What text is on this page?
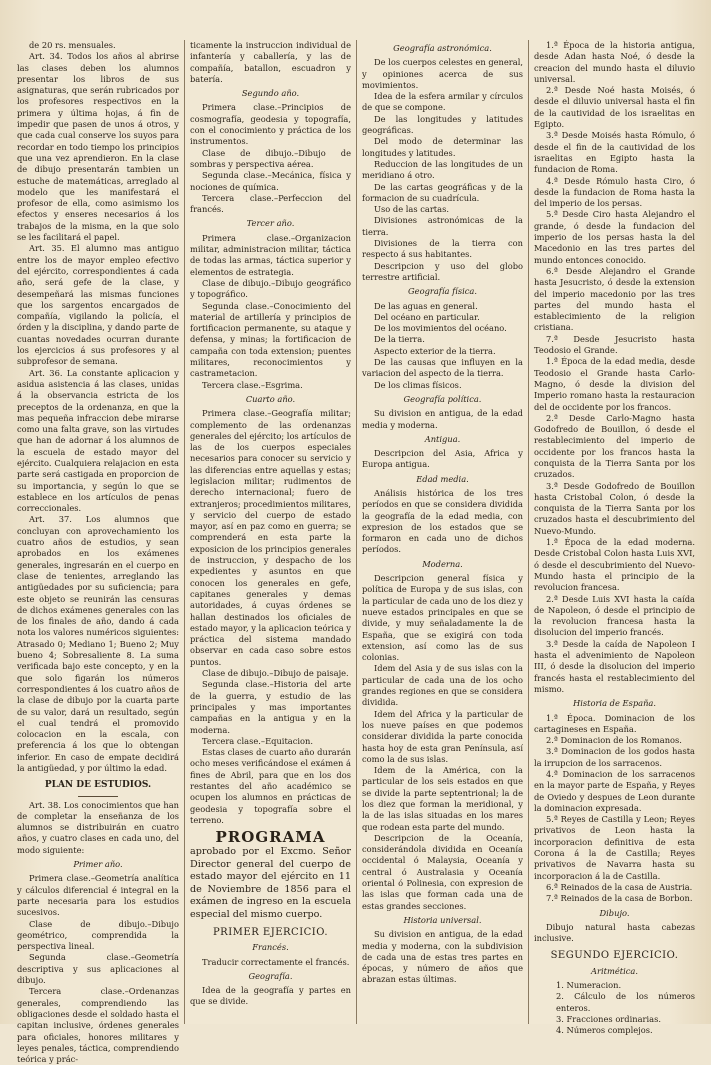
de 20 rs. mensuales.

Art. 34. Todos los años al abrirse las clases deben los alumnos presentar los libros de sus asignaturas, que serán rubricados por los profesores respectivos en la primera y última hojas, á fin de impedir que pasen de unos á otros, y que cada cual conserve los suyos para recordar en todo tiempo los principios que una vez aprendieron. En la clase de dibujo presentarán tambien un estuche de matemáticas, arreglado al modelo que les manifestará el profesor de ella, como asimismo los efectos y enseres necesarios á los trabajos de la misma, en la que solo se les facilitará el papel.

Art. 35. El alumno mas antiguo entre los de mayor empleo efectivo del ejército, correspondientes á cada año, será gefe de la clase, y desempeñará las mismas funciones que los sargentos encargados de compañía, vigilando la policía, el órden y la disciplina, y dando parte de cuantas novedades ocurran durante los ejercicios á sus profesores y al subprofesor de semana.

Art. 36. La constante aplicacion y asidua asistencia á las clases, unidas á la observancia estricta de los preceptos de la ordenanza, en que la mas pequeña infraccion debe mirarse como una falta grave, son las virtudes que han de adornar á los alumnos de la escuela de estado mayor del ejército. Cualquiera relajacion en esta parte será castigada en proporcion de su importancia, y según lo que se establece en los artículos de penas correccionales.

Art. 37. Los alumnos que concluyan con aprovechamiento los cuatro años de estudios, y sean aprobados en los exámenes generales, ingresarán en el cuerpo en clase de tenientes, arreglando las antigüedades por su suficiencia; para este objeto se reunirán las censuras de dichos exámenes generales con las de los finales de año, dando á cada nota los valores numéricos siguientes: Atrasado 0; Mediano 1; Bueno 2; Muy bueno 4; Sobresaliente 8. La suma verificada bajo este concepto, y en la que solo figarán los números correspondientes á los cuatro años de la clase de dibujo por la cuarta parte de su valor, dará un resultado, según el cual tendrá el promovido colocacion en la escala, con preferencia á los que lo obtengan inferior. En caso de empate decidirá la antigüedad, y por último la edad.

PLAN DE ESTUDIOS.

Art. 38. Los conocimientos que han de completar la enseñanza de los alumnos se distribuirán en cuatro años, y cuatro clases en cada uno, del modo siguiente:

Primer año.

Primera clase.–Geometría analítica y cálculos diferencial é integral en la parte necesaria para los estudios sucesivos.

Clase de dibujo.–Dibujo geométrico, comprendida la perspectiva lineal.

Segunda clase.–Geometría descriptiva y sus aplicaciones al dibujo.

Tercera clase.–Ordenanzas generales, comprendiendo las obligaciones desde el soldado hasta el capitan inclusive, órdenes generales para oficiales, honores militares y leyes penales, táctica, comprendiendo teórica y prác-

ticamente la instruccion individual de infantería y caballería, y las de compañía, batallon, escuadron y batería.

Segundo año.

Primera clase.–Principios de cosmografía, geodesia y topografía, con el conocimiento y práctica de los instrumentos.

Clase de dibujo.–Dibujo de sombras y perspectiva aérea.

Segunda clase.–Mecánica, física y nociones de química.

Tercera clase.–Perfeccion del francés.

Tercer año.

Primera clase.–Organizacion militar, administracion militar, táctica de todas las armas, táctica superior y elementos de estrategia.

Clase de dibujo.–Dibujo geográfico y topográfico.

Segunda clase.–Conocimiento del material de artillería y principios de fortificacion permanente, su ataque y defensa, y minas; la fortificacion de campaña con toda extension; puentes militares, reconocimientos y castrametacion.

Tercera clase.–Esgrima.

Cuarto año.

Primera clase.–Geografía militar; complemento de las ordenanzas generales del ejército; los artículos de las de los cuerpos especiales necesarios para conocer su servicio y las diferencias entre aquellas y estas; legislacion militar; rudimentos de derecho internacional; fuero de extranjeros; procedimientos militares, y servicio del cuerpo de estado mayor, así en paz como en guerra; se comprenderá en esta parte la exposicion de los principios generales de instruccion, y despacho de los expedientes y asuntos en que conocen los generales en gefe, capitanes generales y demas autoridades, á cuyas órdenes se hallan destinados los oficiales de estado mayor, y la aplicacion teórica y práctica del sistema mandado observar en cada caso sobre estos puntos.

Clase de dibujo.–Dibujo de paisaje.

Segunda clase.–Historia del arte de la guerra, y estudio de las principales y mas importantes campañas en la antigua y en la moderna.

Tercera clase.–Equitacion.

Estas clases de cuarto año durarán ocho meses verificándose el exámen á fines de Abril, para que en los dos restantes del año académico se ocupen los alumnos en prácticas de geodesia y topografía sobre el terreno.

PROGRAMA

aprobado por el Excmo. Señor Director general del cuerpo de estado mayor del ejército en 11 de Noviembre de 1856 para el exámen de ingreso en la escuela especial del mismo cuerpo.

PRIMER EJERCICIO.

Francés.

Traducir correctamente el francés.

Geografía.

Idea de la geografía y partes en que se divide.

Geografía astronómica.

De los cuerpos celestes en general, y opiniones acerca de sus movimientos.

Idea de la esfera armilar y círculos de que se compone.

De las longitudes y latitudes geográficas.

Del modo de determinar las longitudes y latitudes.

Reduccion de las longitudes de un meridiano á otro.

De las cartas geográficas y de la formacion de su cuadrícula.

Uso de las cartas.

Divisiones astronómicas de la tierra.

Divisiones de la tierra con respecto á sus habitantes.

Descripcion y uso del globo terrestre artificial.

Geografía física.

De las aguas en general.

Del océano en particular.

De los movimientos del océano.

De la tierra.

Aspecto exterior de la tierra.

De las causas que influyen en la variacion del aspecto de la tierra.

De los climas físicos.

Geografía política.

Su division en antigua, de la edad media y moderna.

Antigua.

Descripcion del Asia, Africa y Europa antigua.

Edad media.

Análisis histórica de los tres períodos en que se considera dividida la geografía de la edad media, con expresion de los estados que se formaron en cada uno de dichos períodos.

Moderna.

Descripcion general física y política de Europa y de sus islas, con la particular de cada uno de los diez y nueve estados principales en que se divide, y muy señaladamente la de España, que se exigirá con toda extension, así como las de sus colonias.

Idem del Asia y de sus islas con la particular de cada una de los ocho grandes regiones en que se considera dividida.

Idem del Africa y la particular de los nueve países en que podemos considerar dividida la parte conocida hasta hoy de esta gran Península, así como la de sus islas.

Idem de la América, con la particular de los seis estados en que se divide la parte septentrional; la de los diez que forman la meridional, y la de las islas situadas en los mares que rodean esta parte del mundo.

Descripcion de la Oceanía, considerándola dividida en Oceanía occidental ó Malaysia, Oceanía y central ó Australasia y Oceanía oriental ó Polinesia, con expresion de las islas que forman cada una de estas grandes secciones.

Historia universal.

Su division en antigua, de la edad media y moderna, con la subdivision de cada una de estas tres partes en épocas, y número de años que abrazan estas últimas.

1.ª Época de la historia antigua, desde Adan hasta Noé, ó desde la creacion del mundo hasta el diluvio universal.

2.ª Desde Noé hasta Moisés, ó desde el diluvio universal hasta el fin de la cautividad de los israelitas en Egipto.

3.ª Desde Moisés hasta Rómulo, ó desde el fin de la cautividad de los israelitas en Egipto hasta la fundacion de Roma.

4.ª Desde Rómulo hasta Ciro, ó desde la fundacion de Roma hasta la del imperio de los persas.

5.ª Desde Ciro hasta Alejandro el grande, ó desde la fundacion del imperio de los persas hasta la del Macedonio en las tres partes del mundo entonces conocido.

6.ª Desde Alejandro el Grande hasta Jesucristo, ó desde la extension del imperio macedonio por las tres partes del mundo hasta el establecimiento de la religion cristiana.

7.ª Desde Jesucristo hasta Teodosio el Grande.

1.ª Época de la edad media, desde Teodosio el Grande hasta Carlo-Magno, ó desde la division del Imperio romano hasta la restauracion del de occidente por los francos.

2.ª Desde Carlo-Magno hasta Godofredo de Bouillon, ó desde el restablecimiento del imperio de occidente por los francos hasta la conquista de la Tierra Santa por los cruzados.

3.ª Desde Godofredo de Bouillon hasta Cristobal Colon, ó desde la conquista de la Tierra Santa por los cruzados hasta el descubrimiento del Nuevo-Mundo.

1.ª Época de la edad moderna. Desde Cristobal Colon hasta Luis XVI, ó desde el descubrimiento del Nuevo-Mundo hasta el principio de la revolucion francesa.

2.ª Desde Luis XVI hasta la caída de Napoleon, ó desde el principio de la revolucion francesa hasta la disolucion del imperio francés.

3.ª Desde la caída de Napoleon I hasta el advenimiento de Napoleon III, ó desde la disolucion del imperio francés hasta el restablecimiento del mismo.

Historia de España.

1.ª Época. Dominacion de los cartagineses en España.

2.ª Dominacion de los Romanos.

3.ª Dominacion de los godos hasta la irrupcion de los sarracenos.

4.ª Dominacion de los sarracenos en la mayor parte de España, y Reyes de Oviedo y despues de Leon durante la dominacion expresada.

5.ª Reyes de Castilla y Leon; Reyes privativos de Leon hasta la incorporacion definitiva de esta Corona á la de Castilla; Reyes privativos de Navarra hasta su incorporacion á la de Castilla.

6.ª Reinados de la casa de Austria.

7.ª Reinados de la casa de Borbon.

Dibujo.

Dibujo natural hasta cabezas inclusive.

SEGUNDO EJERCICIO.

Aritmética.

1. Numeracion.

2. Cálculo de los números enteros.

3. Fracciones ordinarias.

4. Números complejos.
